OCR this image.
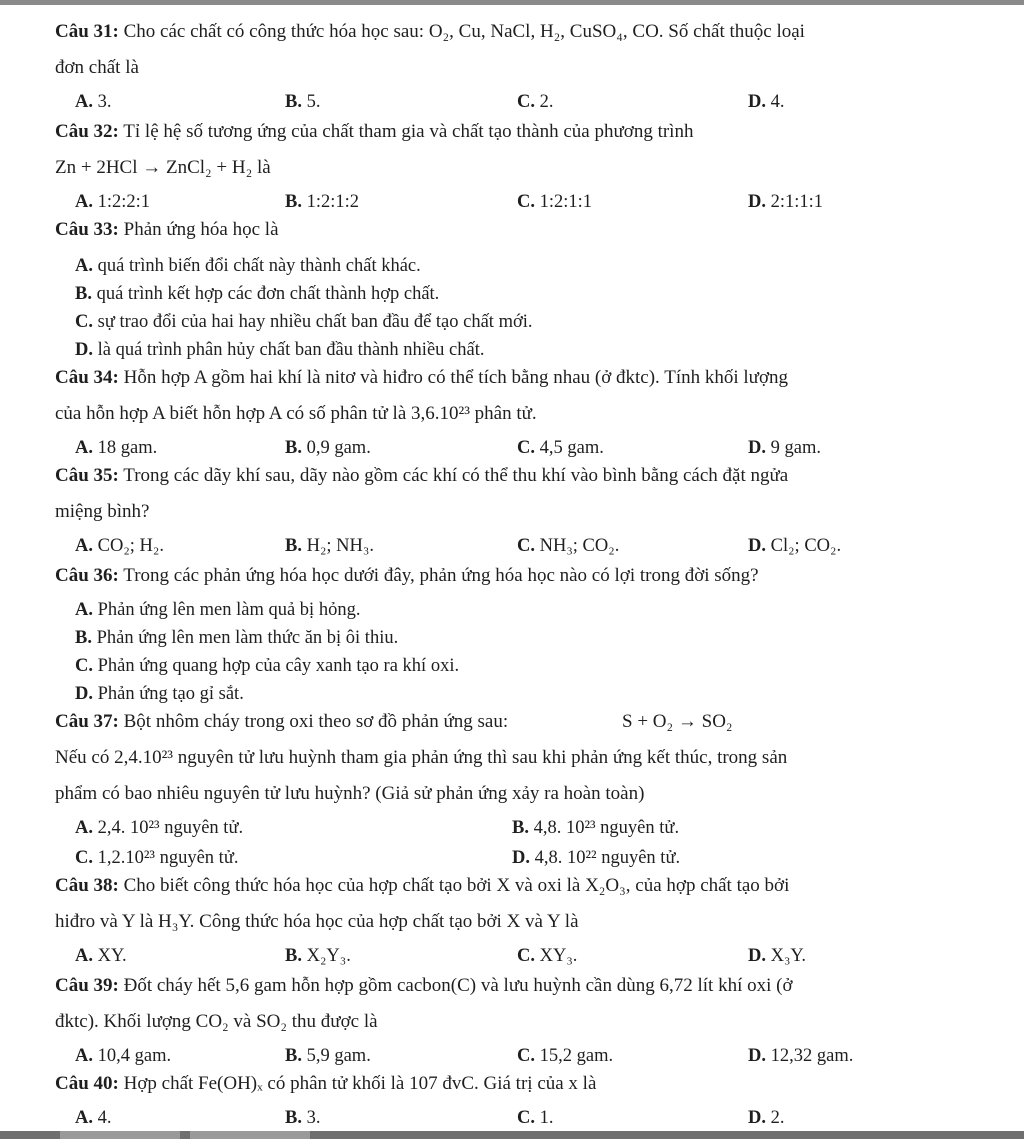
Câu 31: Cho các chất có công thức hóa học sau: O₂, Cu, NaCl, H₂, CuSO₄, CO. Số chất thuộc loại
đơn chất là
A. 3.	B. 5.	C. 2.	D. 4.
Câu 32: Tỉ lệ hệ số tương ứng của chất tham gia và chất tạo thành của phương trình
Zn + 2HCl → ZnCl₂ + H₂ là
A. 1:2:2:1	B. 1:2:1:2	C. 1:2:1:1	D. 2:1:1:1
Câu 33: Phản ứng hóa học là
A. quá trình biến đổi chất này thành chất khác.
B. quá trình kết hợp các đơn chất thành hợp chất.
C. sự trao đổi của hai hay nhiều chất ban đầu để tạo chất mới.
D. là quá trình phân hủy chất ban đầu thành nhiều chất.
Câu 34: Hỗn hợp A gồm hai khí là nitơ và hiđro có thể tích bằng nhau (ở đktc). Tính khối lượng
của hỗn hợp A biết hỗn hợp A có số phân tử là 3,6.10²³ phân tử.
A. 18 gam.	B. 0,9 gam.	C. 4,5 gam.	D. 9 gam.
Câu 35: Trong các dãy khí sau, dãy nào gồm các khí có thể thu khí vào bình bằng cách đặt ngửa
miệng bình?
A. CO₂; H₂.	B. H₂; NH₃.	C. NH₃; CO₂.	D. Cl₂; CO₂.
Câu 36: Trong các phản ứng hóa học dưới đây, phản ứng hóa học nào có lợi trong đời sống?
A. Phản ứng lên men làm quả bị hỏng.
B. Phản ứng lên men làm thức ăn bị ôi thiu.
C. Phản ứng quang hợp của cây xanh tạo ra khí oxi.
D. Phản ứng tạo gỉ sắt.
Câu 37: Bột nhôm cháy trong oxi theo sơ đồ phản ứng sau:	S + O₂ → SO₂
Nếu có 2,4.10²³ nguyên tử lưu huỳnh tham gia phản ứng thì sau khi phản ứng kết thúc, trong sản
phẩm có bao nhiêu nguyên tử lưu huỳnh? (Giả sử phản ứng xảy ra hoàn toàn)
A. 2,4. 10²³ nguyên tử.	B. 4,8. 10²³ nguyên tử.
C. 1,2.10²³ nguyên tử.	D. 4,8. 10²² nguyên tử.
Câu 38: Cho biết công thức hóa học của hợp chất tạo bởi X và oxi là X₂O₃, của hợp chất tạo bởi
hiđro và Y là H₃Y. Công thức hóa học của hợp chất tạo bởi X và Y là
A. XY.	B. X₂Y₃.	C. XY₃.	D. X₃Y.
Câu 39: Đốt cháy hết 5,6 gam hỗn hợp gồm cacbon(C) và lưu huỳnh cần dùng 6,72 lít khí oxi (ở
đktc). Khối lượng CO₂ và SO₂ thu được là
A. 10,4 gam.	B. 5,9 gam.	C. 15,2 gam.	D. 12,32 gam.
Câu 40: Hợp chất Fe(OH)ₓ có phân tử khối là 107 đvC. Giá trị của x là
A. 4.	B. 3.	C. 1.	D. 2.
